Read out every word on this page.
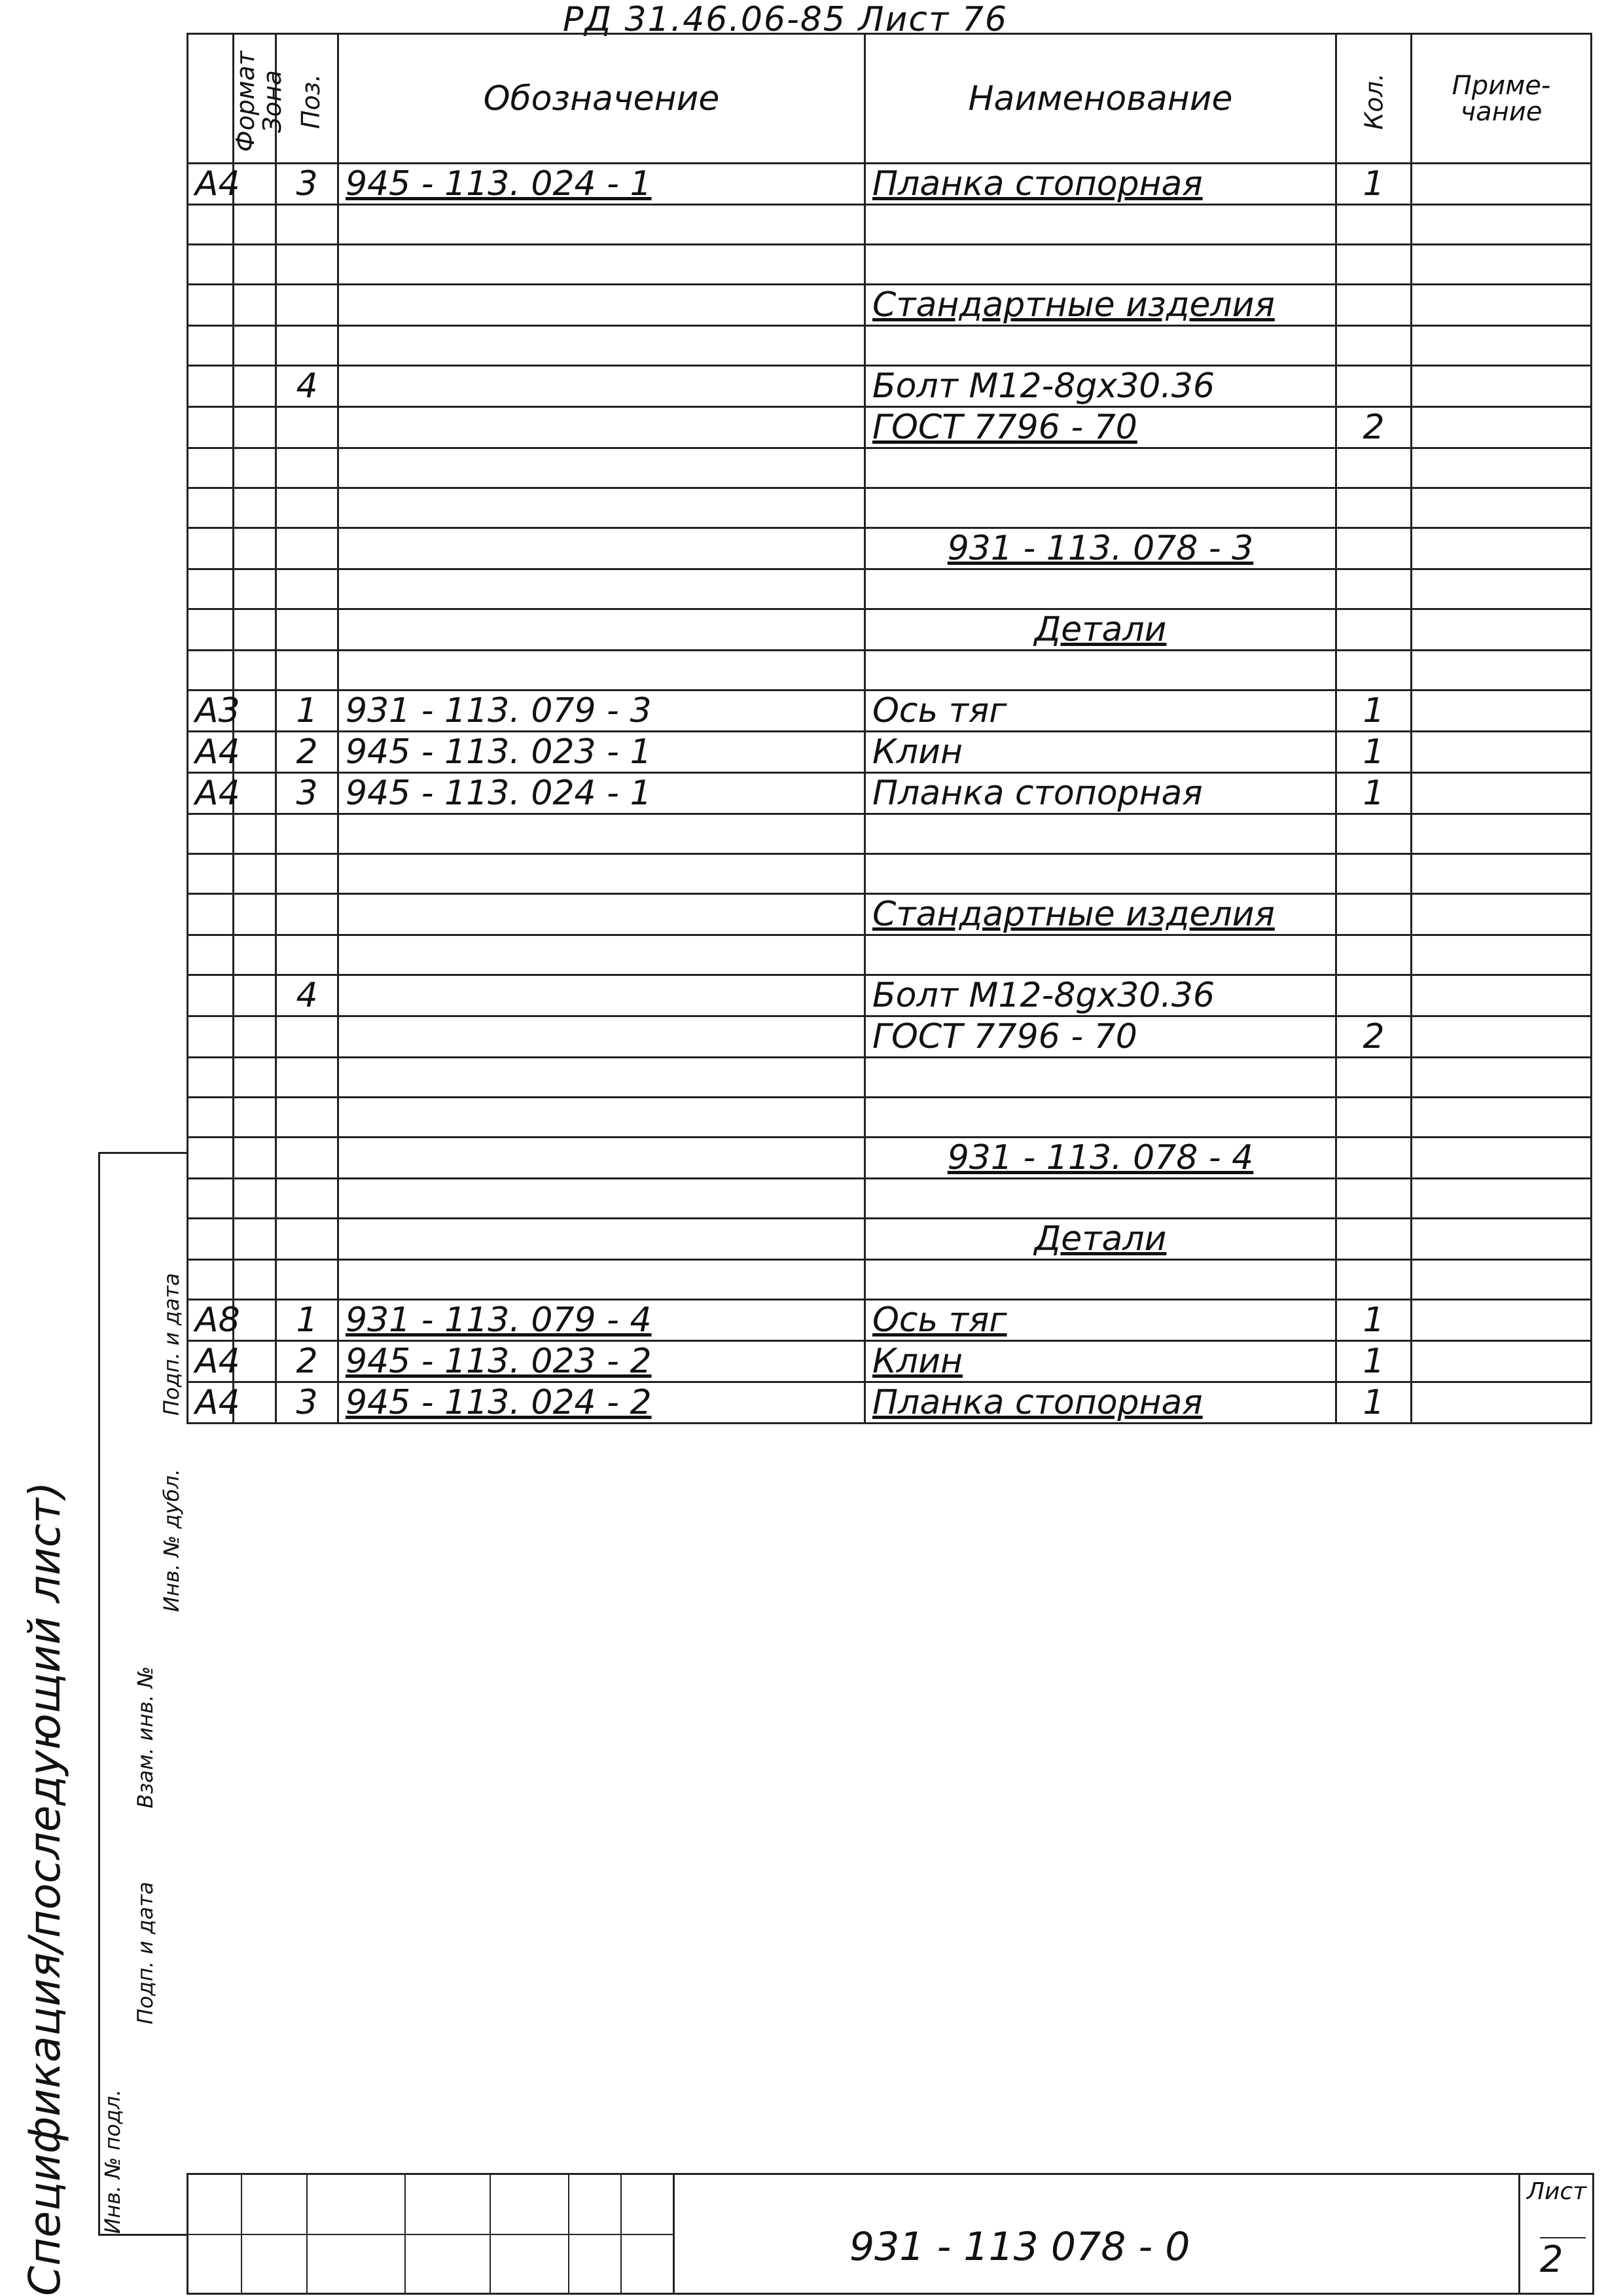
РД 31.46.06-85 Лист 76
Спецификация/последующий лист) Инв. № подл.
Подп. и дата
Взам. инв. №
Инв. № дубл.
Подп. и дата
Формат	Зона	Поз.	Обозначение	Наименование	Кол.	Приме-чание
А4		3	945 - 113. 024 - 1	Планка стопорная	1	

				Стандартные изделия		

		4		Болт М12-8gx30.36		
				ГОСТ 7796 - 70	2	

				931 - 113. 078 - 3		

				Детали		

А3		1	931 - 113. 079 - 3	Ось тяг	1	
А4		2	945 - 113. 023 - 1	Клин	1	
А4		3	945 - 113. 024 - 1	Планка стопорная	1	

				Стандартные изделия		

		4		Болт М12-8gx30.36		
				ГОСТ 7796 - 70	2	

				931 - 113. 078 - 4		

				Детали		

А8		1	931 - 113. 079 - 4	Ось тяг	1	
А4		2	945 - 113. 023 - 2	Клин	1	
А4		3	945 - 113. 024 - 2	Планка стопорная	1	
931 - 113 078 - 0
Лист
2
